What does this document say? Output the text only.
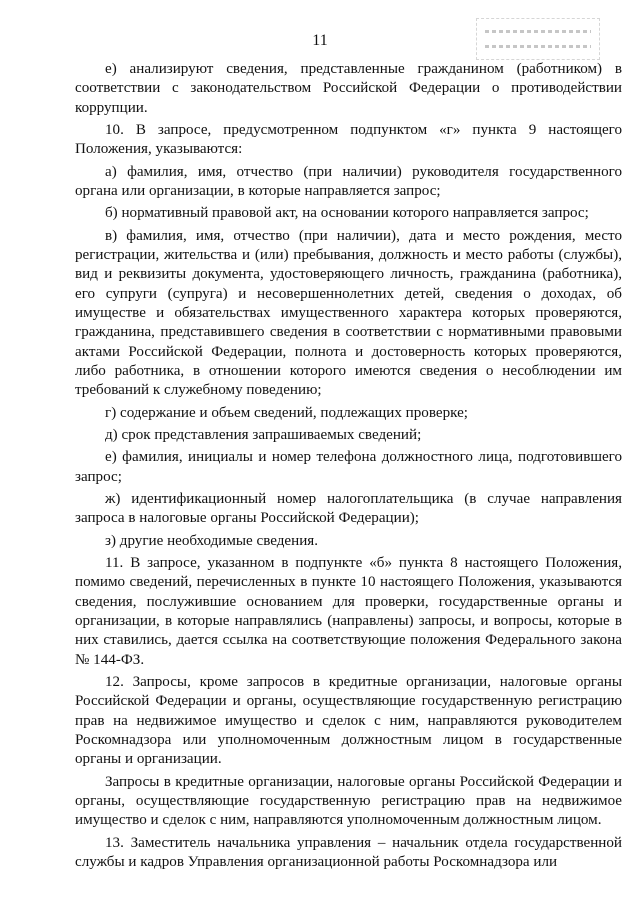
11

е) анализируют сведения, представленные гражданином (работником) в соответствии с законодательством Российской Федерации о противодействии коррупции.

10. В запросе, предусмотренном подпунктом «г» пункта 9 настоящего Положения, указываются:

а) фамилия, имя, отчество (при наличии) руководителя государственного органа или организации, в которые направляется запрос;

б) нормативный правовой акт, на основании которого направляется запрос;

в) фамилия, имя, отчество (при наличии), дата и место рождения, место регистрации, жительства и (или) пребывания, должность и место работы (службы), вид и реквизиты документа, удостоверяющего личность, гражданина (работника), его супруги (супруга) и несовершеннолетних детей, сведения о доходах, об имуществе и обязательствах имущественного характера которых проверяются, гражданина, представившего сведения в соответствии с нормативными правовыми актами Российской Федерации, полнота и достоверность которых проверяются, либо работника, в отношении которого имеются сведения о несоблюдении им требований к служебному поведению;

г) содержание и объем сведений, подлежащих проверке;

д) срок представления запрашиваемых сведений;

е) фамилия, инициалы и номер телефона должностного лица, подготовившего запрос;

ж) идентификационный номер налогоплательщика (в случае направления запроса в налоговые органы Российской Федерации);

з) другие необходимые сведения.

11. В запросе, указанном в подпункте «б» пункта 8 настоящего Положения, помимо сведений, перечисленных в пункте 10 настоящего Положения, указываются сведения, послужившие основанием для проверки, государственные органы и организации, в которые направлялись (направлены) запросы, и вопросы, которые в них ставились, дается ссылка на соответствующие положения Федерального закона № 144-ФЗ.

12. Запросы, кроме запросов в кредитные организации, налоговые органы Российской Федерации и органы, осуществляющие государственную регистрацию прав на недвижимое имущество и сделок с ним, направляются руководителем Роскомнадзора или уполномоченным должностным лицом в государственные органы и организации.

Запросы в кредитные организации, налоговые органы Российской Федерации и органы, осуществляющие государственную регистрацию прав на недвижимое имущество и сделок с ним, направляются уполномоченным должностным лицом.

13. Заместитель начальника управления – начальник отдела государственной службы и кадров Управления организационной работы Роскомнадзора или
